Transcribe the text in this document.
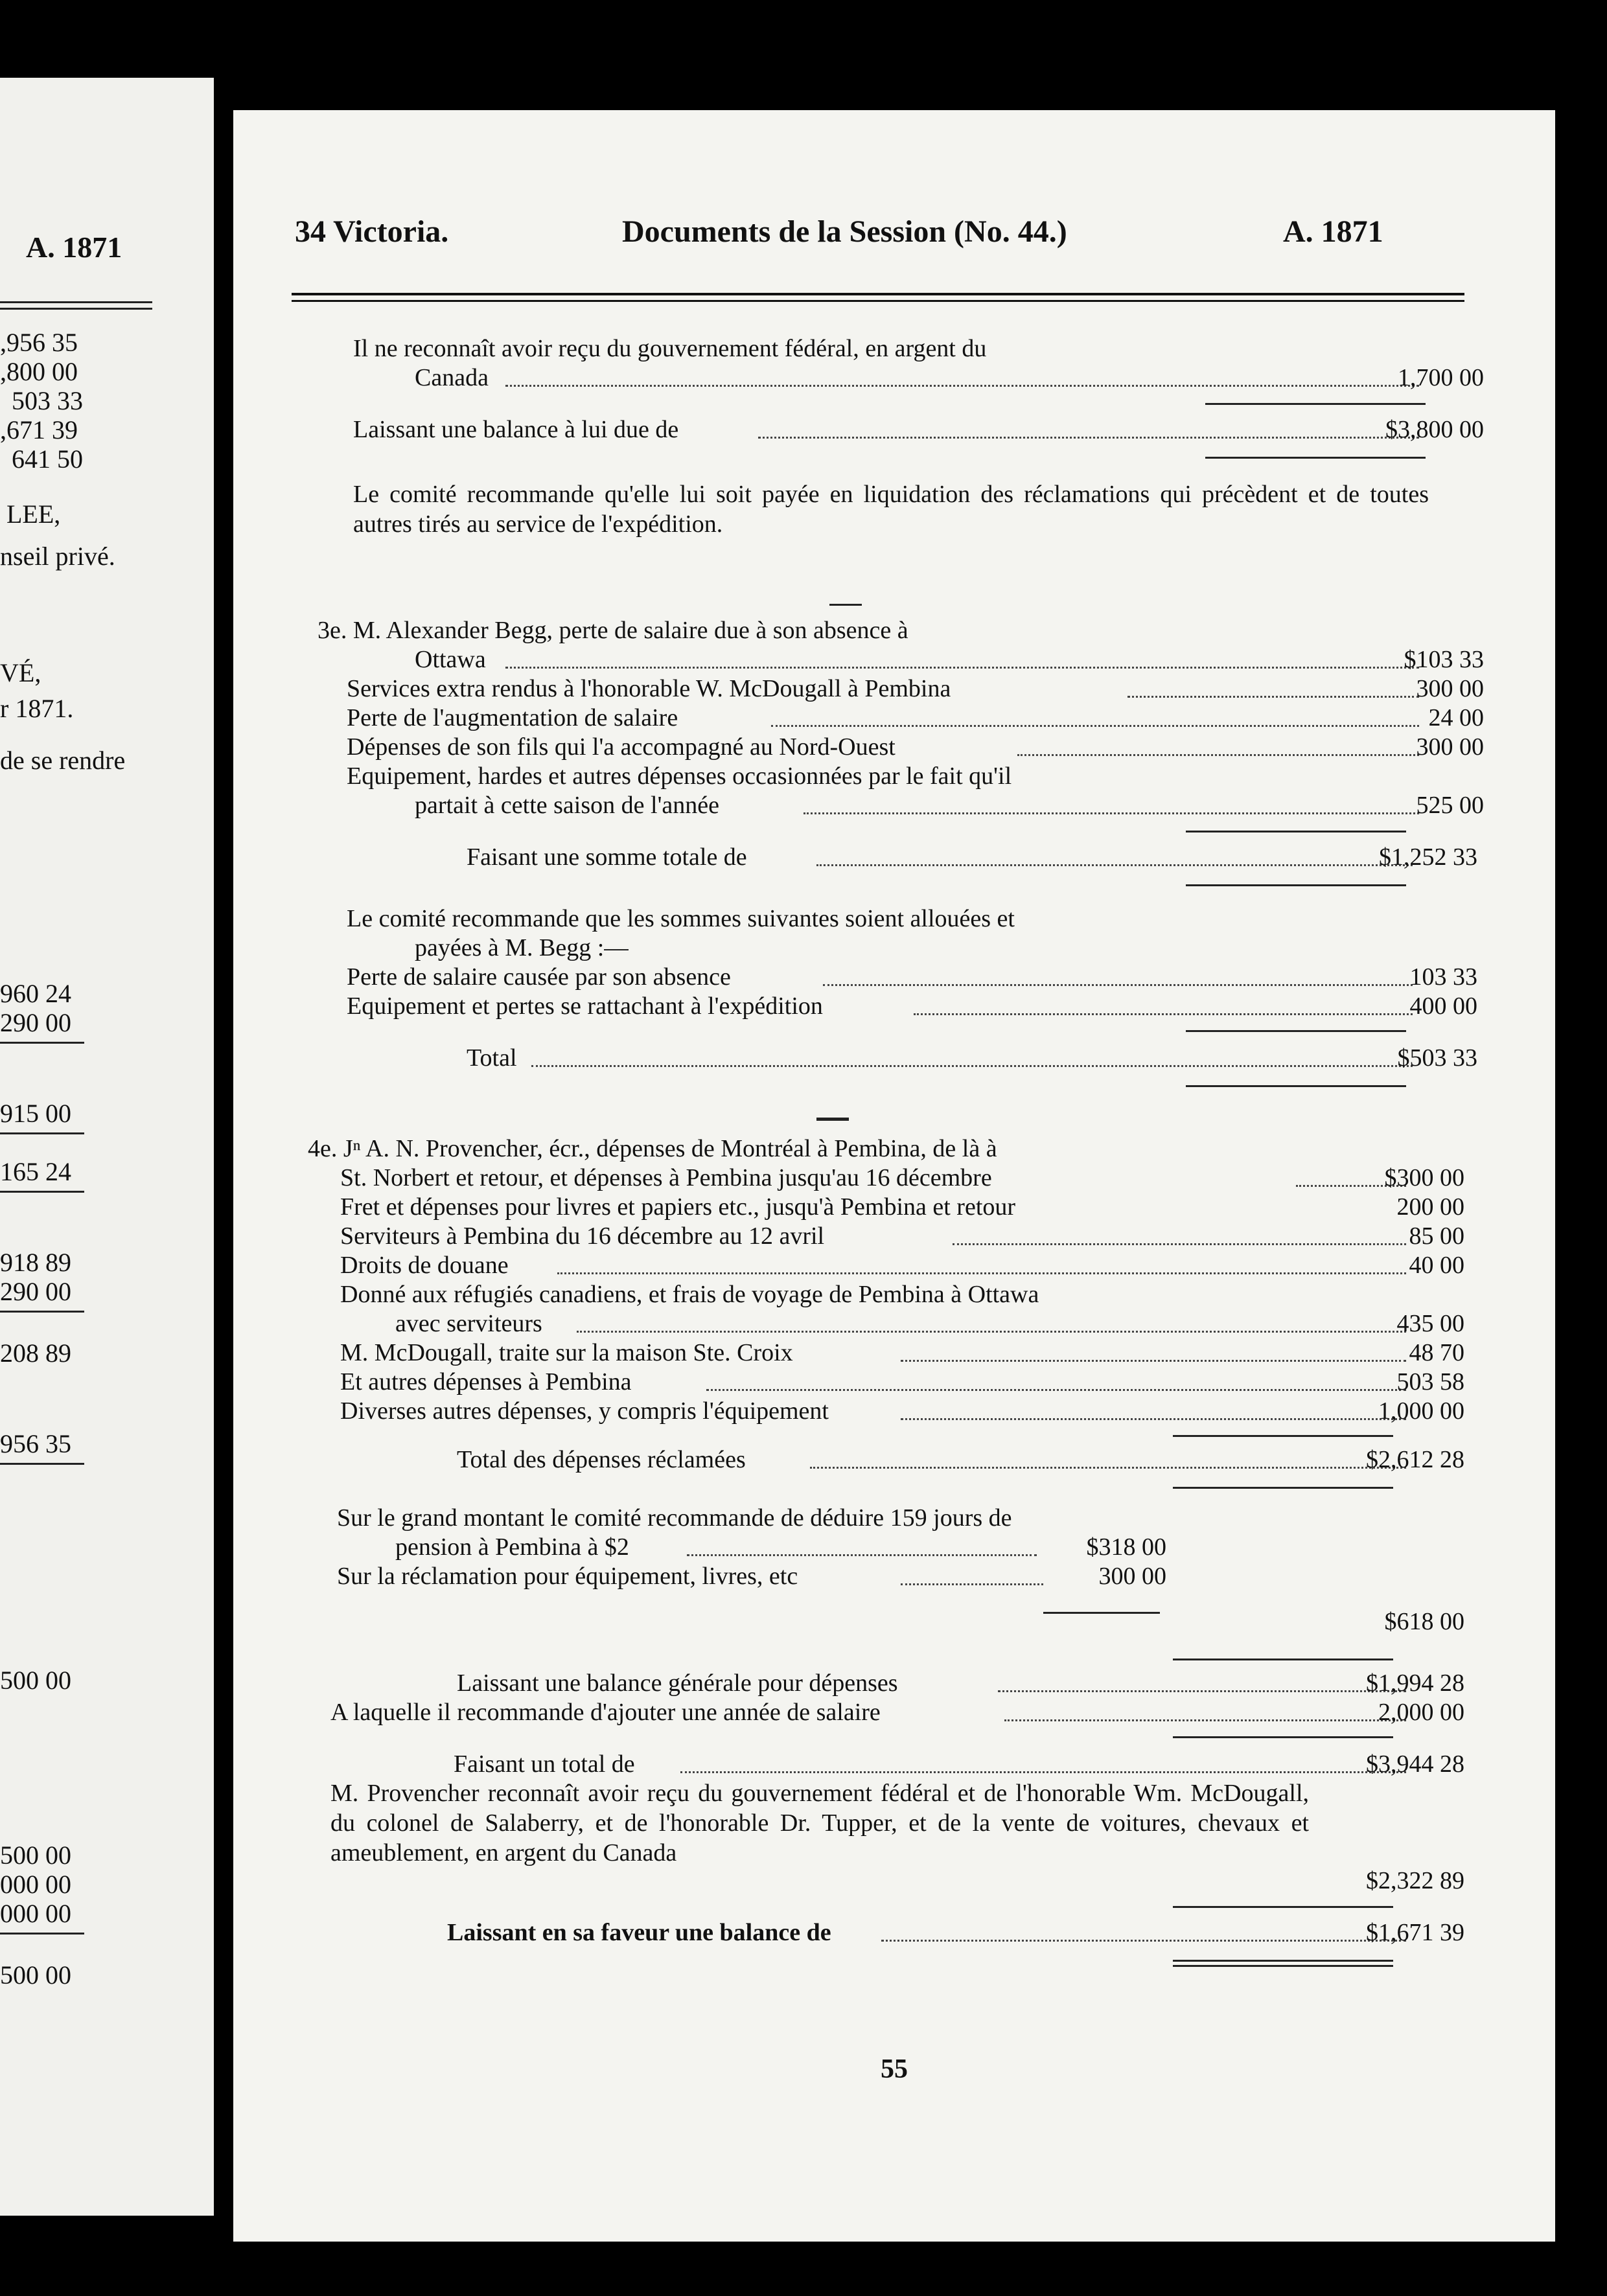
A. 1871
,956 35
,800 00
503 33
,671 39
641 50
LEE,
nseil privé.
VÉ,
r 1871.
de se rendre
960 24
290 00
915 00
165 24
918 89
290 00
208 89
956 35
500 00
500 00
000 00
000 00
500 00
34 Victoria.	Documents de la Session (No. 44.)	A. 1871
Il ne reconnaît avoir reçu du gouvernement fédéral, en argent du
Canada	1,700 00
Laissant une balance à lui due de	$3,800 00
Le comité recommande qu'elle lui soit payée en liquidation des réclamations qui précèdent et de toutes autres tirés au service de l'expédition.
3e. M. Alexander Begg, perte de salaire due à son absence à
Ottawa	$103 33
Services extra rendus à l'honorable W. McDougall à Pembina	300 00
Perte de l'augmentation de salaire	24 00
Dépenses de son fils qui l'a accompagné au Nord-Ouest	300 00
Equipement, hardes et autres dépenses occasionnées par le fait qu'il
partait à cette saison de l'année	525 00
Faisant une somme totale de	$1,252 33
Le comité recommande que les sommes suivantes soient allouées et
payées à M. Begg :—
Perte de salaire causée par son absence	103 33
Equipement et pertes se rattachant à l'expédition	400 00
Total	$503 33
4e. Jⁿ A. N. Provencher, écr., dépenses de Montréal à Pembina, de là à
St. Norbert et retour, et dépenses à Pembina jusqu'au 16 décembre	$300 00
Fret et dépenses pour livres et papiers etc., jusqu'à Pembina et retour	200 00
Serviteurs à Pembina du 16 décembre au 12 avril	85 00
Droits de douane	40 00
Donné aux réfugiés canadiens, et frais de voyage de Pembina à Ottawa
avec serviteurs	435 00
M. McDougall, traite sur la maison Ste. Croix	48 70
Et autres dépenses à Pembina	503 58
Diverses autres dépenses, y compris l'équipement	1,000 00
Total des dépenses réclamées	$2,612 28
Sur le grand montant le comité recommande de déduire 159 jours de
pension à Pembina à $2	$318 00
Sur la réclamation pour équipement, livres, etc	300 00
$618 00
Laissant une balance générale pour dépenses	$1,994 28
A laquelle il recommande d'ajouter une année de salaire	2,000 00
Faisant un total de	$3,944 28
M. Provencher reconnaît avoir reçu du gouvernement fédéral et de l'honorable Wm. McDougall, du colonel de Salaberry, et de l'honorable Dr. Tupper, et de la vente de voitures, chevaux et ameublement, en argent du Canada
$2,322 89
Laissant en sa faveur une balance de	$1,671 39
55
